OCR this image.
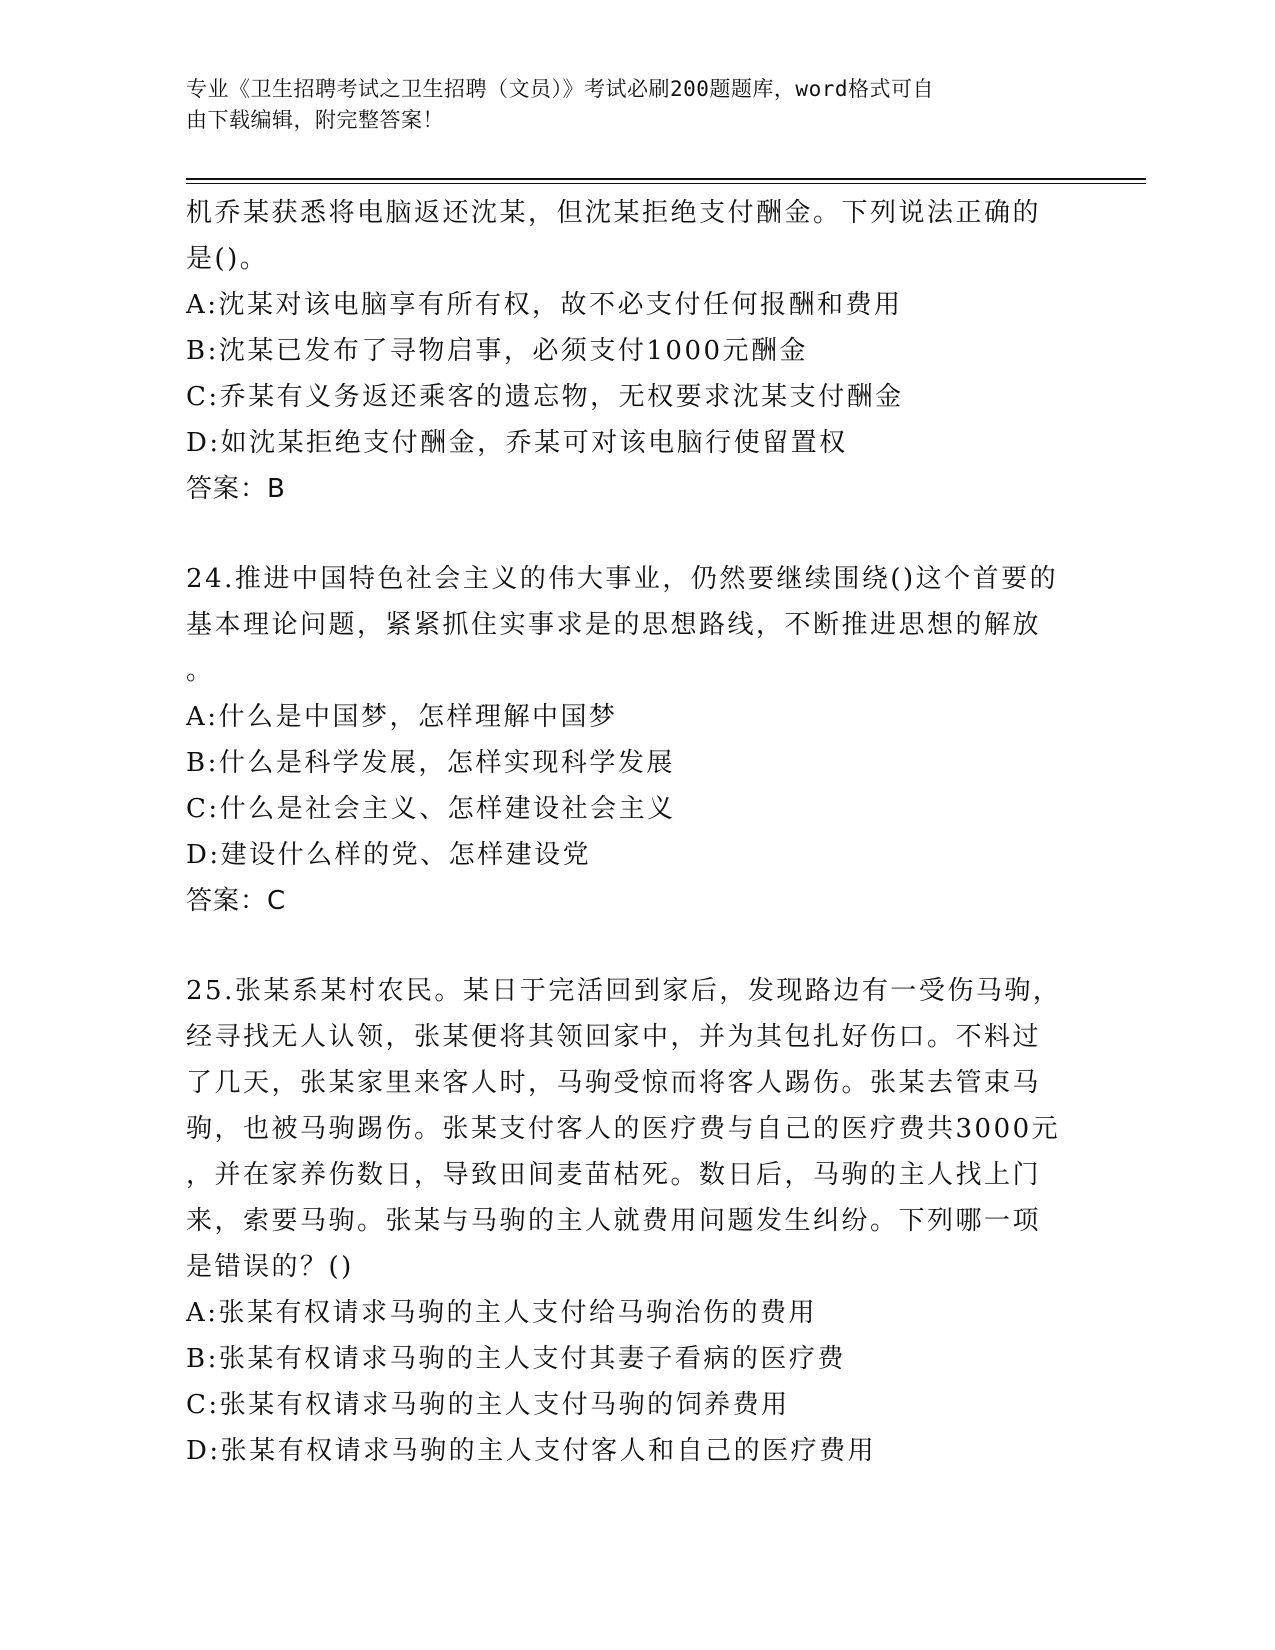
专业《卫生招聘考试之卫生招聘（文员）》考试必刷200题题库，word格式可自
由下载编辑，附完整答案！
机乔某获悉将电脑返还沈某，但沈某拒绝支付酬金。下列说法正确的
是()。
A:沈某对该电脑享有所有权，故不必支付任何报酬和费用
B:沈某已发布了寻物启事，必须支付1000元酬金
C:乔某有义务返还乘客的遗忘物，无权要求沈某支付酬金
D:如沈某拒绝支付酬金，乔某可对该电脑行使留置权
答案：B
24.推进中国特色社会主义的伟大事业，仍然要继续围绕()这个首要的
基本理论问题，紧紧抓住实事求是的思想路线，不断推进思想的解放
。
A:什么是中国梦，怎样理解中国梦
B:什么是科学发展，怎样实现科学发展
C:什么是社会主义、怎样建设社会主义
D:建设什么样的党、怎样建设党
答案：C
25.张某系某村农民。某日于完活回到家后，发现路边有一受伤马驹，
经寻找无人认领，张某便将其领回家中，并为其包扎好伤口。不料过
了几天，张某家里来客人时，马驹受惊而将客人踢伤。张某去管束马
驹，也被马驹踢伤。张某支付客人的医疗费与自己的医疗费共3000元
，并在家养伤数日，导致田间麦苗枯死。数日后，马驹的主人找上门
来，索要马驹。张某与马驹的主人就费用问题发生纠纷。下列哪一项
是错误的？()
A:张某有权请求马驹的主人支付给马驹治伤的费用
B:张某有权请求马驹的主人支付其妻子看病的医疗费
C:张某有权请求马驹的主人支付马驹的饲养费用
D:张某有权请求马驹的主人支付客人和自己的医疗费用
